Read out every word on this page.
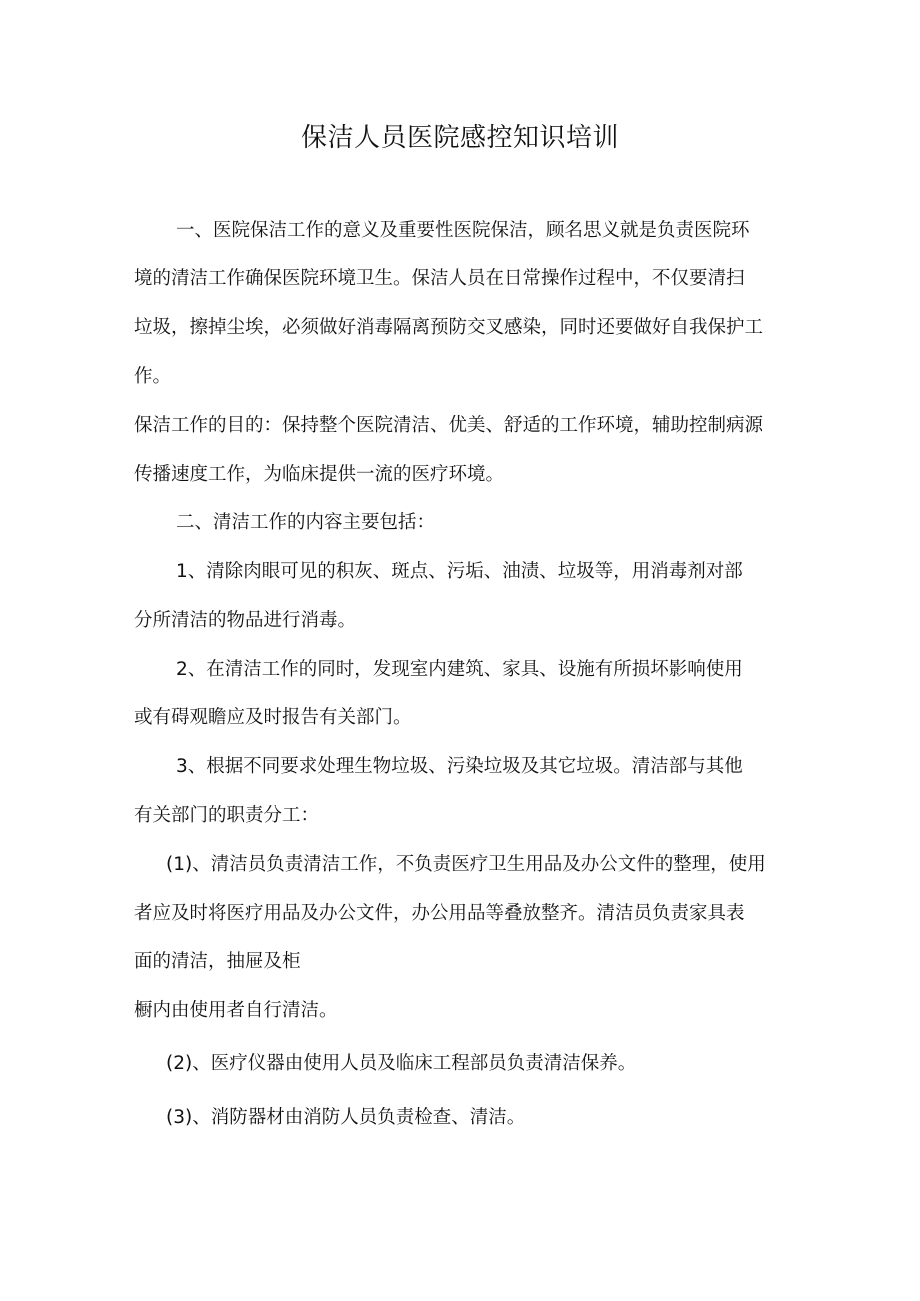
保洁人员医院感控知识培训
一、医院保洁工作的意义及重要性医院保洁，顾名思义就是负责医院环
境的清洁工作确保医院环境卫生。保洁人员在日常操作过程中，不仅要清扫
垃圾，擦掉尘埃，必须做好消毒隔离预防交叉感染，同时还要做好自我保护工
作。
保洁工作的目的：保持整个医院清洁、优美、舒适的工作环境，辅助控制病源
传播速度工作，为临床提供一流的医疗环境。
二、清洁工作的内容主要包括：
1、清除肉眼可见的积灰、斑点、污垢、油渍、垃圾等，用消毒剂对部
分所清洁的物品进行消毒。
2、在清洁工作的同时，发现室内建筑、家具、设施有所损坏影响使用
或有碍观瞻应及时报告有关部门。
3、根据不同要求处理生物垃圾、污染垃圾及其它垃圾。清洁部与其他
有关部门的职责分工：
(1)、清洁员负责清洁工作，不负责医疗卫生用品及办公文件的整理，使用
者应及时将医疗用品及办公文件，办公用品等叠放整齐。清洁员负责家具表
面的清洁，抽屉及柜
橱内由使用者自行清洁。
(2)、医疗仪器由使用人员及临床工程部员负责清洁保养。
(3)、消防器材由消防人员负责检查、清洁。
